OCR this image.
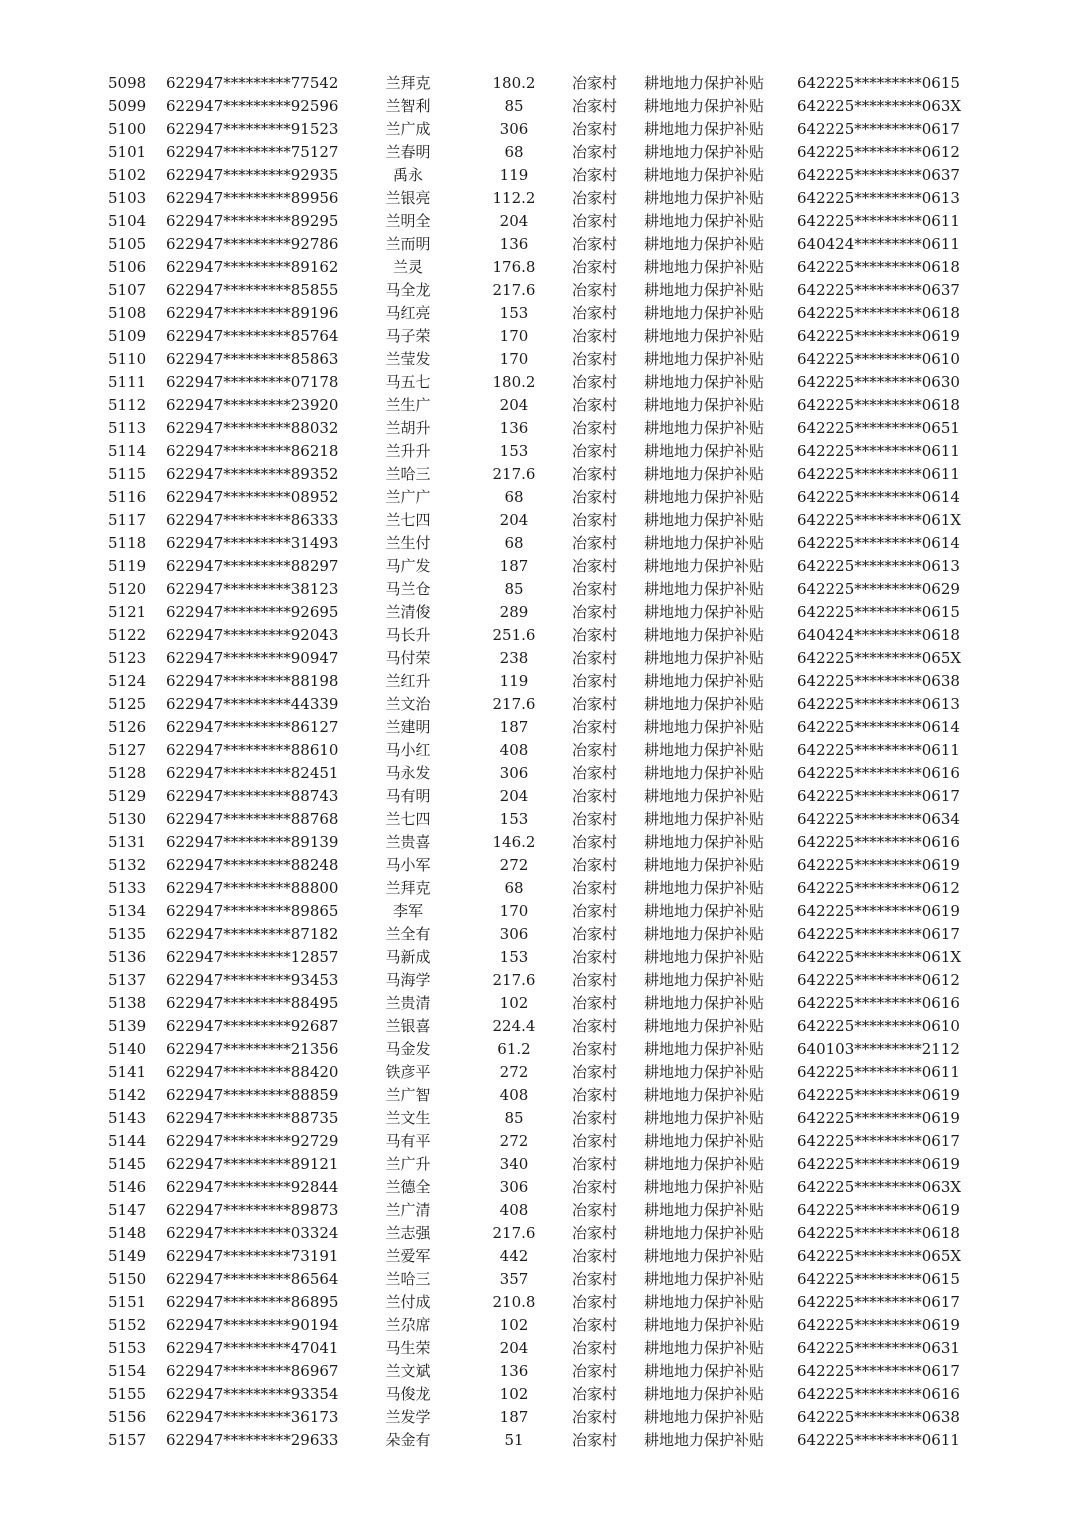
5098	622947*********77542	兰拜克	180.2	冶家村	耕地地力保护补贴	642225*********0615
5099	622947*********92596	兰智利	85	冶家村	耕地地力保护补贴	642225*********063X
5100	622947*********91523	兰广成	306	冶家村	耕地地力保护补贴	642225*********0617
5101	622947*********75127	兰春明	68	冶家村	耕地地力保护补贴	642225*********0612
5102	622947*********92935	禹永	119	冶家村	耕地地力保护补贴	642225*********0637
5103	622947*********89956	兰银亮	112.2	冶家村	耕地地力保护补贴	642225*********0613
5104	622947*********89295	兰明全	204	冶家村	耕地地力保护补贴	642225*********0611
5105	622947*********92786	兰而明	136	冶家村	耕地地力保护补贴	640424*********0611
5106	622947*********89162	兰灵	176.8	冶家村	耕地地力保护补贴	642225*********0618
5107	622947*********85855	马全龙	217.6	冶家村	耕地地力保护补贴	642225*********0637
5108	622947*********89196	马红亮	153	冶家村	耕地地力保护补贴	642225*********0618
5109	622947*********85764	马子荣	170	冶家村	耕地地力保护补贴	642225*********0619
5110	622947*********85863	兰莹发	170	冶家村	耕地地力保护补贴	642225*********0610
5111	622947*********07178	马五七	180.2	冶家村	耕地地力保护补贴	642225*********0630
5112	622947*********23920	兰生广	204	冶家村	耕地地力保护补贴	642225*********0618
5113	622947*********88032	兰胡升	136	冶家村	耕地地力保护补贴	642225*********0651
5114	622947*********86218	兰升升	153	冶家村	耕地地力保护补贴	642225*********0611
5115	622947*********89352	兰哈三	217.6	冶家村	耕地地力保护补贴	642225*********0611
5116	622947*********08952	兰广广	68	冶家村	耕地地力保护补贴	642225*********0614
5117	622947*********86333	兰七四	204	冶家村	耕地地力保护补贴	642225*********061X
5118	622947*********31493	兰生付	68	冶家村	耕地地力保护补贴	642225*********0614
5119	622947*********88297	马广发	187	冶家村	耕地地力保护补贴	642225*********0613
5120	622947*********38123	马兰仓	85	冶家村	耕地地力保护补贴	642225*********0629
5121	622947*********92695	兰清俊	289	冶家村	耕地地力保护补贴	642225*********0615
5122	622947*********92043	马长升	251.6	冶家村	耕地地力保护补贴	640424*********0618
5123	622947*********90947	马付荣	238	冶家村	耕地地力保护补贴	642225*********065X
5124	622947*********88198	兰红升	119	冶家村	耕地地力保护补贴	642225*********0638
5125	622947*********44339	兰文治	217.6	冶家村	耕地地力保护补贴	642225*********0613
5126	622947*********86127	兰建明	187	冶家村	耕地地力保护补贴	642225*********0614
5127	622947*********88610	马小红	408	冶家村	耕地地力保护补贴	642225*********0611
5128	622947*********82451	马永发	306	冶家村	耕地地力保护补贴	642225*********0616
5129	622947*********88743	马有明	204	冶家村	耕地地力保护补贴	642225*********0617
5130	622947*********88768	兰七四	153	冶家村	耕地地力保护补贴	642225*********0634
5131	622947*********89139	兰贵喜	146.2	冶家村	耕地地力保护补贴	642225*********0616
5132	622947*********88248	马小军	272	冶家村	耕地地力保护补贴	642225*********0619
5133	622947*********88800	兰拜克	68	冶家村	耕地地力保护补贴	642225*********0612
5134	622947*********89865	李军	170	冶家村	耕地地力保护补贴	642225*********0619
5135	622947*********87182	兰全有	306	冶家村	耕地地力保护补贴	642225*********0617
5136	622947*********12857	马新成	153	冶家村	耕地地力保护补贴	642225*********061X
5137	622947*********93453	马海学	217.6	冶家村	耕地地力保护补贴	642225*********0612
5138	622947*********88495	兰贵清	102	冶家村	耕地地力保护补贴	642225*********0616
5139	622947*********92687	兰银喜	224.4	冶家村	耕地地力保护补贴	642225*********0610
5140	622947*********21356	马金发	61.2	冶家村	耕地地力保护补贴	640103*********2112
5141	622947*********88420	铁彦平	272	冶家村	耕地地力保护补贴	642225*********0611
5142	622947*********88859	兰广智	408	冶家村	耕地地力保护补贴	642225*********0619
5143	622947*********88735	兰文生	85	冶家村	耕地地力保护补贴	642225*********0619
5144	622947*********92729	马有平	272	冶家村	耕地地力保护补贴	642225*********0617
5145	622947*********89121	兰广升	340	冶家村	耕地地力保护补贴	642225*********0619
5146	622947*********92844	兰德全	306	冶家村	耕地地力保护补贴	642225*********063X
5147	622947*********89873	兰广清	408	冶家村	耕地地力保护补贴	642225*********0619
5148	622947*********03324	兰志强	217.6	冶家村	耕地地力保护补贴	642225*********0618
5149	622947*********73191	兰爱军	442	冶家村	耕地地力保护补贴	642225*********065X
5150	622947*********86564	兰哈三	357	冶家村	耕地地力保护补贴	642225*********0615
5151	622947*********86895	兰付成	210.8	冶家村	耕地地力保护补贴	642225*********0617
5152	622947*********90194	兰尕席	102	冶家村	耕地地力保护补贴	642225*********0619
5153	622947*********47041	马生荣	204	冶家村	耕地地力保护补贴	642225*********0631
5154	622947*********86967	兰文斌	136	冶家村	耕地地力保护补贴	642225*********0617
5155	622947*********93354	马俊龙	102	冶家村	耕地地力保护补贴	642225*********0616
5156	622947*********36173	兰发学	187	冶家村	耕地地力保护补贴	642225*********0638
5157	622947*********29633	朵金有	51	冶家村	耕地地力保护补贴	642225*********0611
